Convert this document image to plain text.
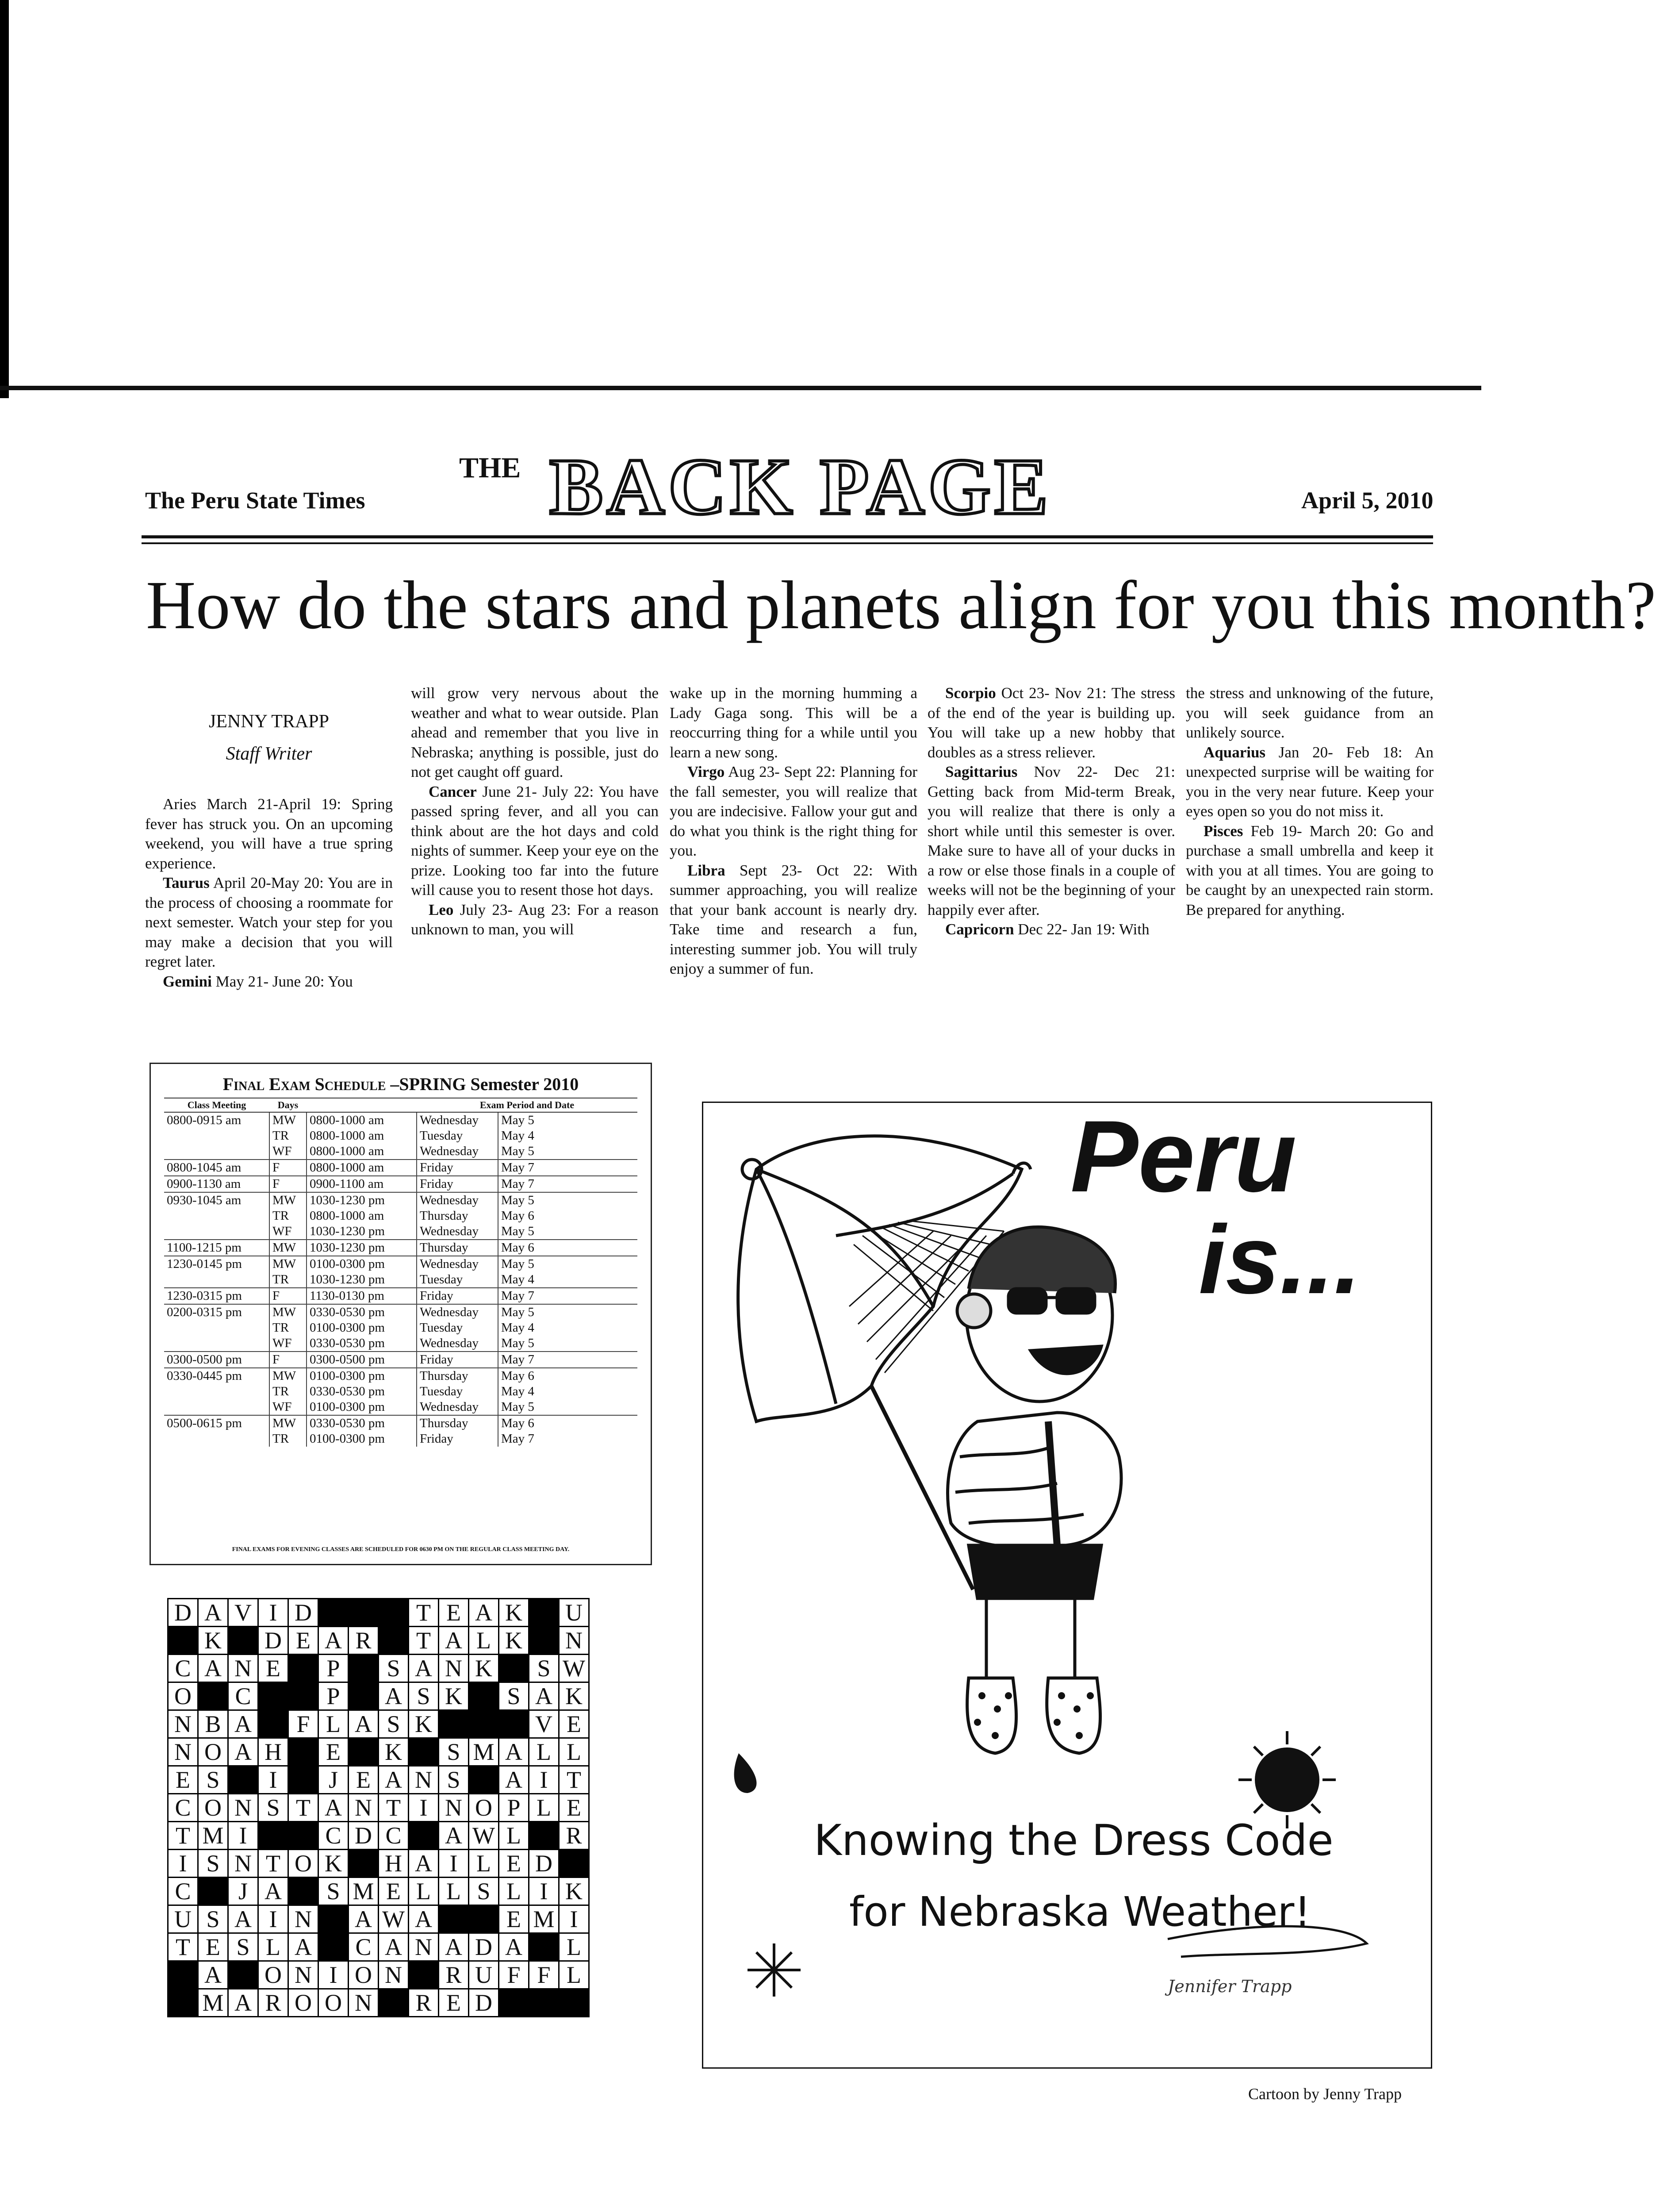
The Peru State Times
THE BACK PAGE	April 5, 2010
How do the stars and planets align for you this month?
JENNY TRAPP
Staff Writer

Aries March 21-April 19: Spring fever has struck you. On an upcoming weekend, you will have a true spring experience.

Taurus April 20-May 20: You are in the process of choosing a roommate for next semester. Watch your step for you may make a decision that you will regret later.

Gemini May 21- June 20: You

will grow very nervous about the weather and what to wear outside. Plan ahead and remember that you live in Nebraska; anything is possible, just do not get caught off guard.

Cancer June 21- July 22: You have passed spring fever, and all you can think about are the hot days and cold nights of summer. Keep your eye on the prize. Looking too far into the future will cause you to resent those hot days.

Leo July 23- Aug 23: For a reason unknown to man, you will

wake up in the morning humming a Lady Gaga song. This will be a reoccurring thing for a while until you learn a new song.

Virgo Aug 23- Sept 22: Planning for the fall semester, you will realize that you are indecisive. Fallow your gut and do what you think is the right thing for you.

Libra Sept 23- Oct 22: With summer approaching, you will realize that your bank account is nearly dry. Take time and research a fun, interesting summer job. You will truly enjoy a summer of fun.

Scorpio Oct 23- Nov 21: The stress of the end of the year is building up. You will take up a new hobby that doubles as a stress reliever.

Sagittarius Nov 22- Dec 21: Getting back from Mid-term Break, you will realize that there is only a short while until this semester is over. Make sure to have all of your ducks in a row or else those finals in a couple of weeks will not be the beginning of your happily ever after.

Capricorn Dec 22- Jan 19: With

the stress and unknowing of the future, you will seek guidance from an unlikely source.

Aquarius Jan 20- Feb 18: An unexpected surprise will be waiting for you in the very near future. Keep your eyes open so you do not miss it.

Pisces Feb 19- March 20: Go and purchase a small umbrella and keep it with you at all times. You are going to be caught by an unexpected rain storm. Be prepared for anything.

Final Exam Schedule –SPRING Semester 2010
Class Meeting	Days		Exam Period and Date	
0800-0915 am	MW	0800-1000 am	Wednesday	May 5
	TR	0800-1000 am	Tuesday	May 4
	WF	0800-1000 am	Wednesday	May 5
0800-1045 am	F	0800-1000 am	Friday	May 7
0900-1130 am	F	0900-1100 am	Friday	May 7
0930-1045 am	MW	1030-1230 pm	Wednesday	May 5
	TR	0800-1000 am	Thursday	May 6
	WF	1030-1230 pm	Wednesday	May 5
1100-1215 pm	MW	1030-1230 pm	Thursday	May 6
1230-0145 pm	MW	0100-0300 pm	Wednesday	May 5
	TR	1030-1230 pm	Tuesday	May 4
1230-0315 pm	F	1130-0130 pm	Friday	May 7
0200-0315 pm	MW	0330-0530 pm	Wednesday	May 5
	TR	0100-0300 pm	Tuesday	May 4
	WF	0330-0530 pm	Wednesday	May 5
0300-0500 pm	F	0300-0500 pm	Friday	May 7
0330-0445 pm	MW	0100-0300 pm	Thursday	May 6
	TR	0330-0530 pm	Tuesday	May 4
	WF	0100-0300 pm	Wednesday	May 5
0500-0615 pm	MW	0330-0530 pm	Thursday	May 6
	TR	0100-0300 pm	Friday	May 7
FINAL EXAMS FOR EVENING CLASSES ARE SCHEDULED FOR 0630 PM ON THE REGULAR CLASS MEETING DAY.
D	A	V	I	D				T	E	A	K		U
	K		D	E	A	R		T	A	L	K		N
C	A	N	E		P		S	A	N	K		S	W
O		C			P		A	S	K		S	A	K
N	B	A		F	L	A	S	K				V	E
N	O	A	H		E		K		S	M	A	L	L
E	S		I		J	E	A	N	S		A	I	T
C	O	N	S	T	A	N	T	I	N	O	P	L	E
T	M	I			C	D	C		A	W	L		R
I	S	N	T	O	K		H	A	I	L	E	D	
C		J	A		S	M	E	L	L	S	L	I	K
U	S	A	I	N		A	W	A			E	M	I
T	E	S	L	A		C	A	N	A	D	A		L
	A		O	N	I	O	N		R	U	F	F	L
	M	A	R	O	O	N		R	E	D			
Peru
is...
Knowing the Dress Code
for Nebraska Weather!
Jennifer Trapp
Cartoon by Jenny Trapp
